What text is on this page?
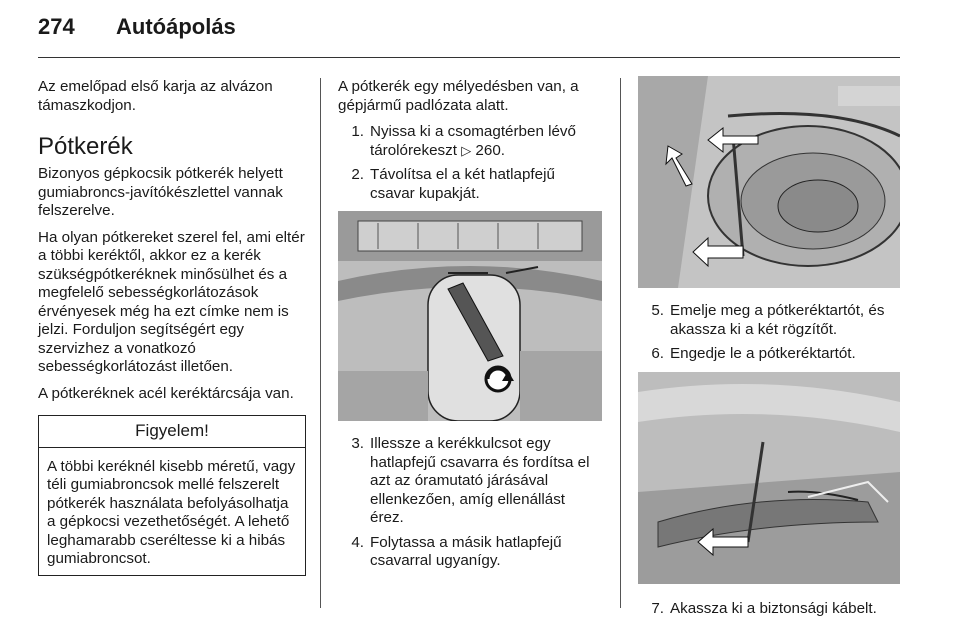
274 Autóápolás

Az emelőpad első karja az alvázon támaszkodjon.

Pótkerék

Bizonyos gépkocsik pótkerék helyett gumiabroncs-javítókészlettel vannak felszerelve.

Ha olyan pótkereket szerel fel, ami eltér a többi keréktől, akkor ez a kerék szükségpótkeréknek minősülhet és a megfelelő sebességkorlátozások érvényesek még ha ezt címke nem is jelzi. Forduljon segítségért egy szervizhez a vonatkozó sebességkorlátozást illetően.

A pótkeréknek acél keréktárcsája van.

Figyelem!
A többi keréknél kisebb méretű, vagy téli gumiabroncsok mellé felszerelt pótkerék használata befolyásolhatja a gépkocsi vezethetőségét. A lehető leghamarabb cseréltesse ki a hibás gumiabroncsot.

A pótkerék egy mélyedésben van, a gépjármű padlózata alatt.

1. Nyissa ki a csomagtérben lévő tárolórekeszt ▷ 260.
2. Távolítsa el a két hatlapfejű csavar kupakját.
3. Illessze a kerékkulcsot egy hatlapfejű csavarra és fordítsa el azt az óramutató járásával ellenkezően, amíg ellenállást érez.
4. Folytassa a másik hatlapfejű csavarral ugyanígy.
5. Emelje meg a pótkeréktartót, és akassza ki a két rögzítőt.
6. Engedje le a pótkeréktartót.
7. Akassza ki a biztonsági kábelt.
